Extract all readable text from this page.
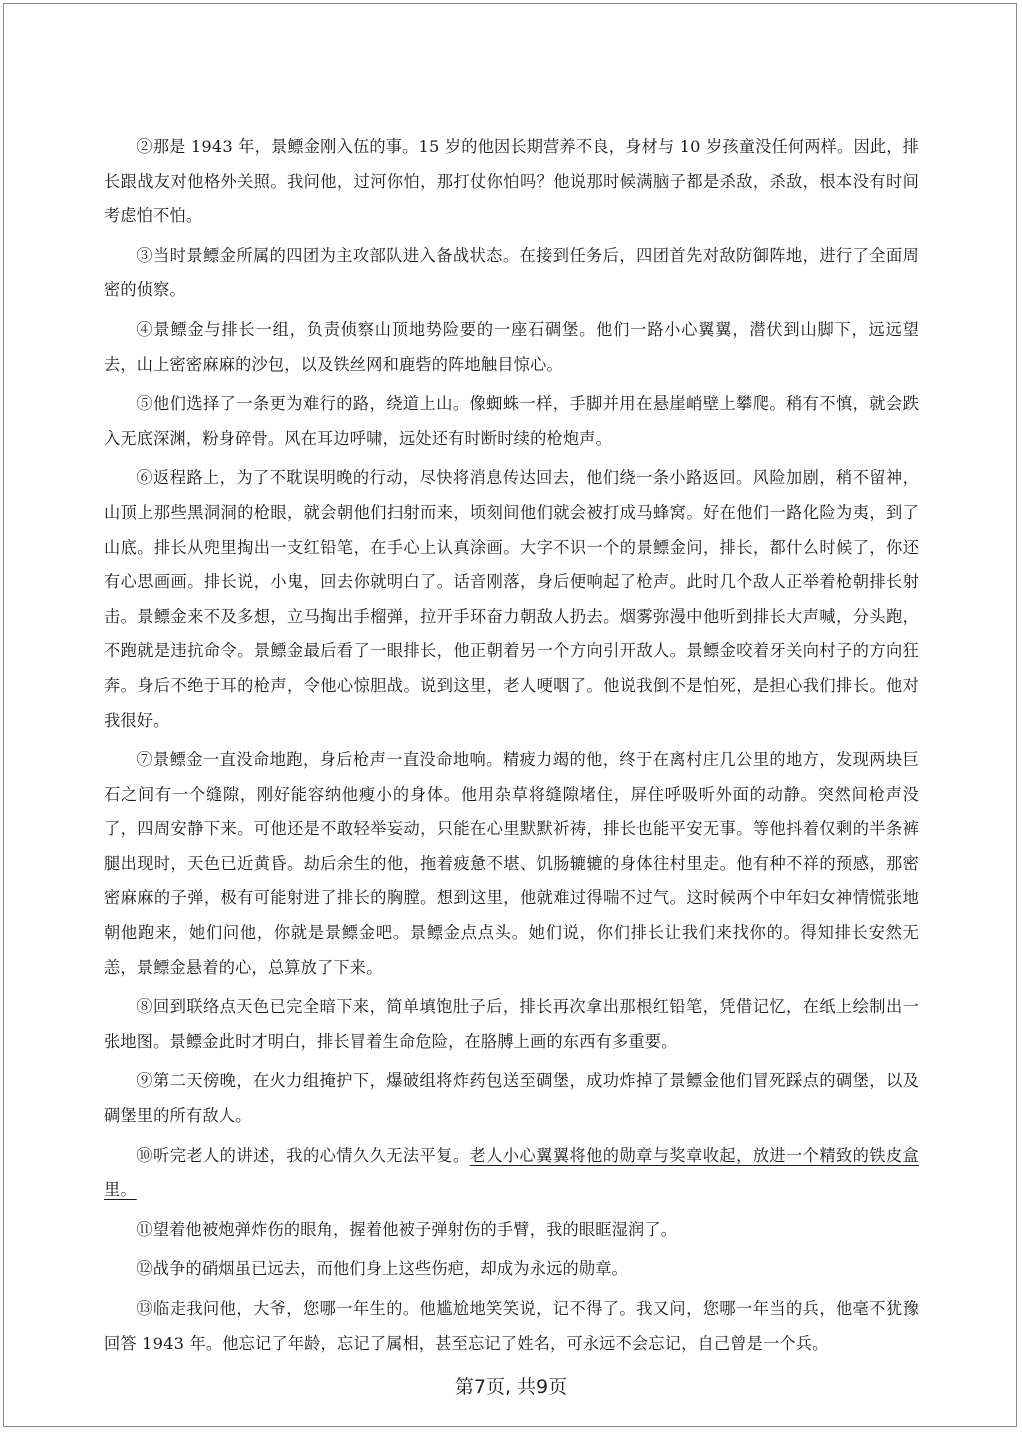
②那是 1943 年，景鳔金刚入伍的事。15 岁的他因长期营养不良，身材与 10 岁孩童没任何两样。因此，排长跟战友对他格外关照。我问他，过河你怕，那打仗你怕吗？他说那时候满脑子都是杀敌，杀敌，根本没有时间考虑怕不怕。

③当时景鳔金所属的四团为主攻部队进入备战状态。在接到任务后，四团首先对敌防御阵地，进行了全面周密的侦察。

④景鳔金与排长一组，负责侦察山顶地势险要的一座石碉堡。他们一路小心翼翼，潜伏到山脚下，远远望去，山上密密麻麻的沙包，以及铁丝网和鹿砦的阵地触目惊心。

⑤他们选择了一条更为难行的路，绕道上山。像蜘蛛一样，手脚并用在悬崖峭壁上攀爬。稍有不慎，就会跌入无底深渊，粉身碎骨。风在耳边呼啸，远处还有时断时续的枪炮声。

⑥返程路上，为了不耽误明晚的行动，尽快将消息传达回去，他们绕一条小路返回。风险加剧，稍不留神，山顶上那些黑洞洞的枪眼，就会朝他们扫射而来，顷刻间他们就会被打成马蜂窝。好在他们一路化险为夷，到了山底。排长从兜里掏出一支红铅笔，在手心上认真涂画。大字不识一个的景鳔金问，排长，都什么时候了，你还有心思画画。排长说，小鬼，回去你就明白了。话音刚落，身后便响起了枪声。此时几个敌人正举着枪朝排长射击。景鳔金来不及多想，立马掏出手榴弹，拉开手环奋力朝敌人扔去。烟雾弥漫中他听到排长大声喊，分头跑，不跑就是违抗命令。景鳔金最后看了一眼排长，他正朝着另一个方向引开敌人。景鳔金咬着牙关向村子的方向狂奔。身后不绝于耳的枪声，令他心惊胆战。说到这里，老人哽咽了。他说我倒不是怕死，是担心我们排长。他对我很好。

⑦景鳔金一直没命地跑，身后枪声一直没命地响。精疲力竭的他，终于在离村庄几公里的地方，发现两块巨石之间有一个缝隙，刚好能容纳他瘦小的身体。他用杂草将缝隙堵住，屏住呼吸听外面的动静。突然间枪声没了，四周安静下来。可他还是不敢轻举妄动，只能在心里默默祈祷，排长也能平安无事。等他抖着仅剩的半条裤腿出现时，天色已近黄昏。劫后余生的他，拖着疲惫不堪、饥肠辘辘的身体往村里走。他有种不祥的预感，那密密麻麻的子弹，极有可能射进了排长的胸膛。想到这里，他就难过得喘不过气。这时候两个中年妇女神情慌张地朝他跑来，她们问他，你就是景鳔金吧。景鳔金点点头。她们说，你们排长让我们来找你的。得知排长安然无恙，景鳔金悬着的心，总算放了下来。

⑧回到联络点天色已完全暗下来，简单填饱肚子后，排长再次拿出那根红铅笔，凭借记忆，在纸上绘制出一张地图。景鳔金此时才明白，排长冒着生命危险，在胳膊上画的东西有多重要。

⑨第二天傍晚，在火力组掩护下，爆破组将炸药包送至碉堡，成功炸掉了景鳔金他们冒死踩点的碉堡，以及碉堡里的所有敌人。

⑩听完老人的讲述，我的心情久久无法平复。老人小心翼翼将他的勋章与奖章收起，放进一个精致的铁皮盒里。

⑪望着他被炮弹炸伤的眼角，握着他被子弹射伤的手臂，我的眼眶湿润了。

⑫战争的硝烟虽已远去，而他们身上这些伤疤，却成为永远的勋章。

⑬临走我问他，大爷，您哪一年生的。他尴尬地笑笑说，记不得了。我又问，您哪一年当的兵，他毫不犹豫回答 1943 年。他忘记了年龄，忘记了属相，甚至忘记了姓名，可永远不会忘记，自己曾是一个兵。

第7页, 共9页
